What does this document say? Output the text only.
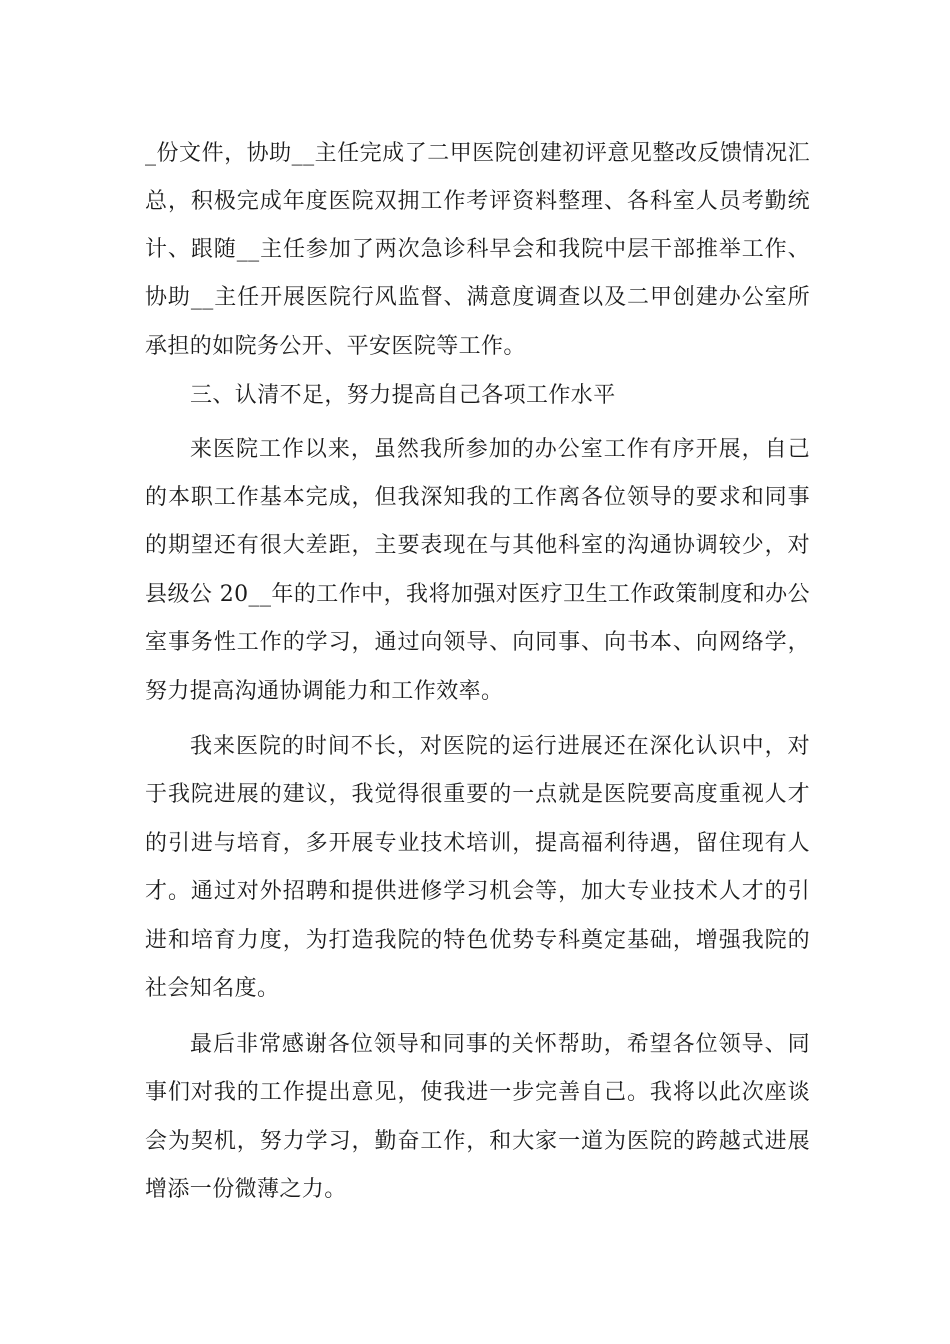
_份文件，协助__主任完成了二甲医院创建初评意见整改反馈情况汇
总，积极完成年度医院双拥工作考评资料整理、各科室人员考勤统
计、跟随__主任参加了两次急诊科早会和我院中层干部推举工作、
协助__主任开展医院行风监督、满意度调查以及二甲创建办公室所
承担的如院务公开、平安医院等工作。
三、认清不足，努力提高自己各项工作水平
来医院工作以来，虽然我所参加的办公室工作有序开展，自己
的本职工作基本完成，但我深知我的工作离各位领导的要求和同事
的期望还有很大差距，主要表现在与其他科室的沟通协调较少，对
县级公 20__年的工作中，我将加强对医疗卫生工作政策制度和办公
室事务性工作的学习，通过向领导、向同事、向书本、向网络学，
努力提高沟通协调能力和工作效率。
我来医院的时间不长，对医院的运行进展还在深化认识中，对
于我院进展的建议，我觉得很重要的一点就是医院要高度重视人才
的引进与培育，多开展专业技术培训，提高福利待遇，留住现有人
才。通过对外招聘和提供进修学习机会等，加大专业技术人才的引
进和培育力度，为打造我院的特色优势专科奠定基础，增强我院的
社会知名度。
最后非常感谢各位领导和同事的关怀帮助，希望各位领导、同
事们对我的工作提出意见，使我进一步完善自己。我将以此次座谈
会为契机，努力学习，勤奋工作，和大家一道为医院的跨越式进展
增添一份微薄之力。
